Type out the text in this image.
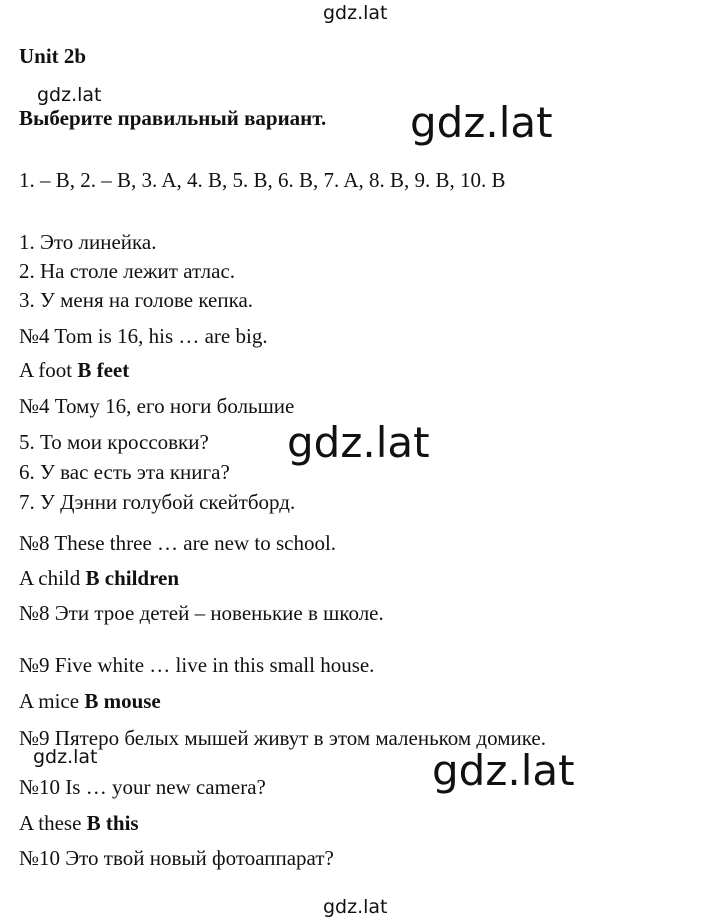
gdz.lat
gdz.lat
gdz.lat
gdz.lat
gdz.lat	gdz.lat
gdz.lat
Unit 2b
Выберите правильный вариант.
1. – B, 2. – B, 3. A, 4. B, 5. B, 6. B, 7. A, 8. B, 9. B, 10. B
1. Это линейка.
2. На столе лежит атлас.
3. У меня на голове кепка.
№4 Tom is 16, his … are big.
A foot B feet
№4 Тому 16, его ноги большие
5. То мои кроссовки?
6. У вас есть эта книга?
7. У Дэнни голубой скейтборд.
№8 These three … are new to school.
A child B children
№8 Эти трое детей – новенькие в школе.
№9 Five white … live in this small house.
A mice B mouse
№9 Пятеро белых мышей живут в этом маленьком домике.
№10 Is … your new camera?
A these B this
№10 Это твой новый фотоаппарат?
